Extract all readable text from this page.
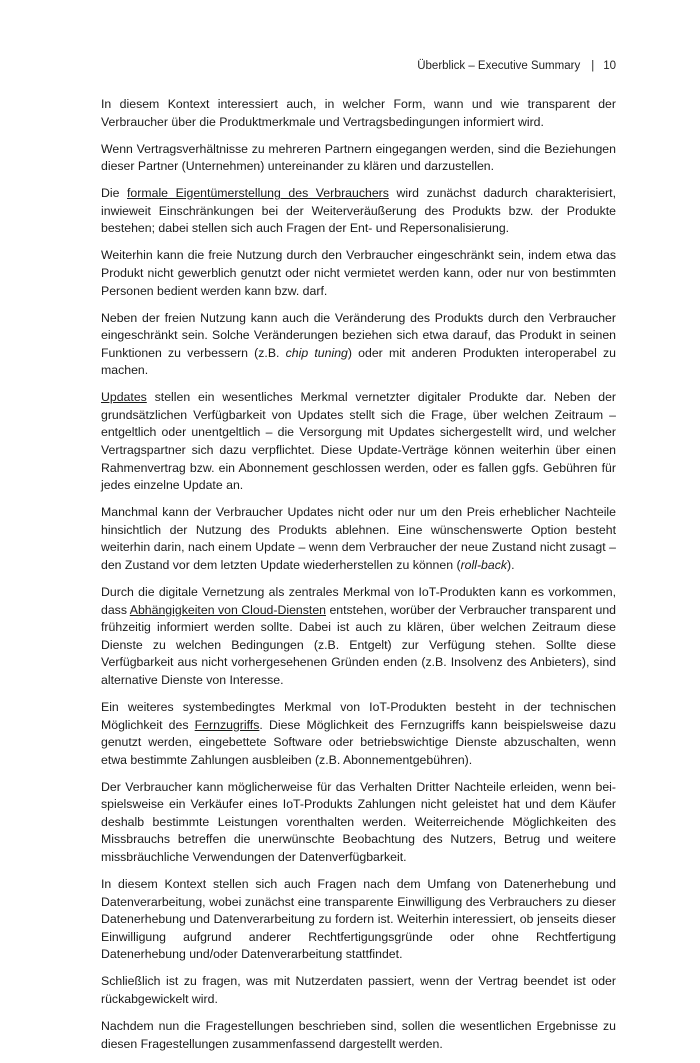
Überblick – Executive Summary | 10

In diesem Kontext interessiert auch, in welcher Form, wann und wie transparent der Verbraucher über die Produktmerkmale und Vertragsbedingungen informiert wird.

Wenn Vertragsverhältnisse zu mehreren Partnern eingegangen werden, sind die Beziehungen dieser Partner (Unternehmen) untereinander zu klären und darzustellen.

Die formale Eigentümerstellung des Verbrauchers wird zunächst dadurch charakterisiert, inwieweit Einschränkungen bei der Weiterveräußerung des Produkts bzw. der Produkte bestehen; dabei stellen sich auch Fragen der Ent- und Repersonalisierung.

Weiterhin kann die freie Nutzung durch den Verbraucher eingeschränkt sein, indem etwa das Produkt nicht gewerblich genutzt oder nicht vermietet werden kann, oder nur von bestimmten Personen bedient werden kann bzw. darf.

Neben der freien Nutzung kann auch die Veränderung des Produkts durch den Verbraucher eingeschränkt sein. Solche Veränderungen beziehen sich etwa darauf, das Produkt in seinen Funktionen zu verbessern (z.B. chip tuning) oder mit anderen Produkten interoperabel zu machen.

Updates stellen ein wesentliches Merkmal vernetzter digitaler Produkte dar. Neben der grundsätzlichen Verfügbarkeit von Updates stellt sich die Frage, über welchen Zeitraum – entgeltlich oder unentgeltlich – die Versorgung mit Updates sichergestellt wird, und welcher Vertragspartner sich dazu verpflichtet. Diese Update-Verträge können weiterhin über einen Rahmenvertrag bzw. ein Abonnement geschlossen werden, oder es fallen ggfs. Gebühren für jedes einzelne Update an.

Manchmal kann der Verbraucher Updates nicht oder nur um den Preis erheblicher Nachteile hinsichtlich der Nutzung des Produkts ablehnen. Eine wünschenswerte Option besteht weiterhin darin, nach einem Update – wenn dem Verbraucher der neue Zustand nicht zusagt – den Zustand vor dem letzten Update wiederherstellen zu können (roll-back).

Durch die digitale Vernetzung als zentrales Merkmal von IoT-Produkten kann es vorkommen, dass Abhängigkeiten von Cloud-Diensten entstehen, worüber der Verbraucher transparent und frühzeitig informiert werden sollte. Dabei ist auch zu klären, über welchen Zeitraum diese Dienste zu welchen Bedingungen (z.B. Entgelt) zur Verfügung stehen. Sollte diese Verfügbarkeit aus nicht vorhergesehenen Gründen enden (z.B. Insolvenz des Anbieters), sind alternative Dienste von Interesse.

Ein weiteres systembedingtes Merkmal von IoT-Produkten besteht in der technischen Möglichkeit des Fernzugriffs. Diese Möglichkeit des Fernzugriffs kann beispielsweise dazu genutzt werden, eingebettete Software oder betriebswichtige Dienste abzuschalten, wenn etwa bestimmte Zahlungen ausbleiben (z.B. Abonnementgebühren).

Der Verbraucher kann möglicherweise für das Verhalten Dritter Nachteile erleiden, wenn beispielsweise ein Verkäufer eines IoT-Produkts Zahlungen nicht geleistet hat und dem Käufer deshalb bestimmte Leistungen vorenthalten werden. Weiterreichende Möglichkeiten des Missbrauchs betreffen die unerwünschte Beobachtung des Nutzers, Betrug und weitere missbräuchliche Verwendungen der Datenverfügbarkeit.

In diesem Kontext stellen sich auch Fragen nach dem Umfang von Datenerhebung und Datenverarbeitung, wobei zunächst eine transparente Einwilligung des Verbrauchers zu dieser Datenerhebung und Datenverarbeitung zu fordern ist. Weiterhin interessiert, ob jenseits dieser Einwilligung aufgrund anderer Rechtfertigungsgründe oder ohne Rechtfertigung Datenerhebung und/oder Datenverarbeitung stattfindet.

Schließlich ist zu fragen, was mit Nutzerdaten passiert, wenn der Vertrag beendet ist oder rückabgewickelt wird.

Nachdem nun die Fragestellungen beschrieben sind, sollen die wesentlichen Ergebnisse zu diesen Fragestellungen zusammenfassend dargestellt werden.
